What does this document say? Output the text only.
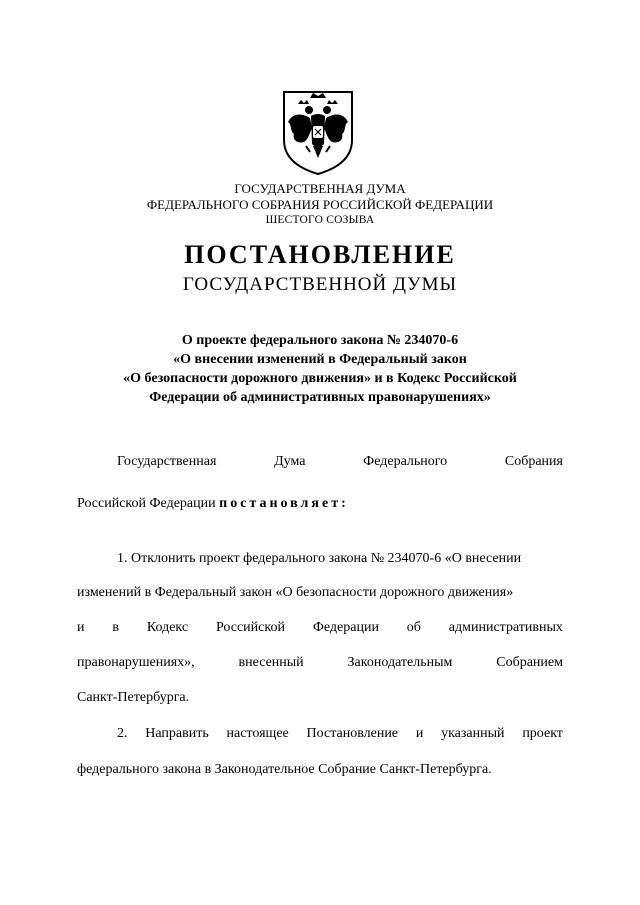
ГОСУДАРСТВЕННАЯ ДУМА
ФЕДЕРАЛЬНОГО СОБРАНИЯ РОССИЙСКОЙ ФЕДЕРАЦИИ
ШЕСТОГО СОЗЫВА
ПОСТАНОВЛЕНИЕ
ГОСУДАРСТВЕННОЙ ДУМЫ
О проекте федерального закона № 234070-6
«О внесении изменений в Федеральный закон
«О безопасности дорожного движения» и в Кодекс Российской
Федерации об административных правонарушениях»
Государственная	Дума	Федерального	Собрания
Российской Федерации постановляет:
1. Отклонить проект федерального закона № 234070-6 «О внесении
изменений в Федеральный закон «О безопасности дорожного движения»
и в Кодекс Российской Федерации об административных
правонарушениях»,	внесенный	Законодательным	Собранием
Санкт-Петербурга.
2. Направить настоящее Постановление и указанный проект
федерального закона в Законодательное Собрание Санкт-Петербурга.
